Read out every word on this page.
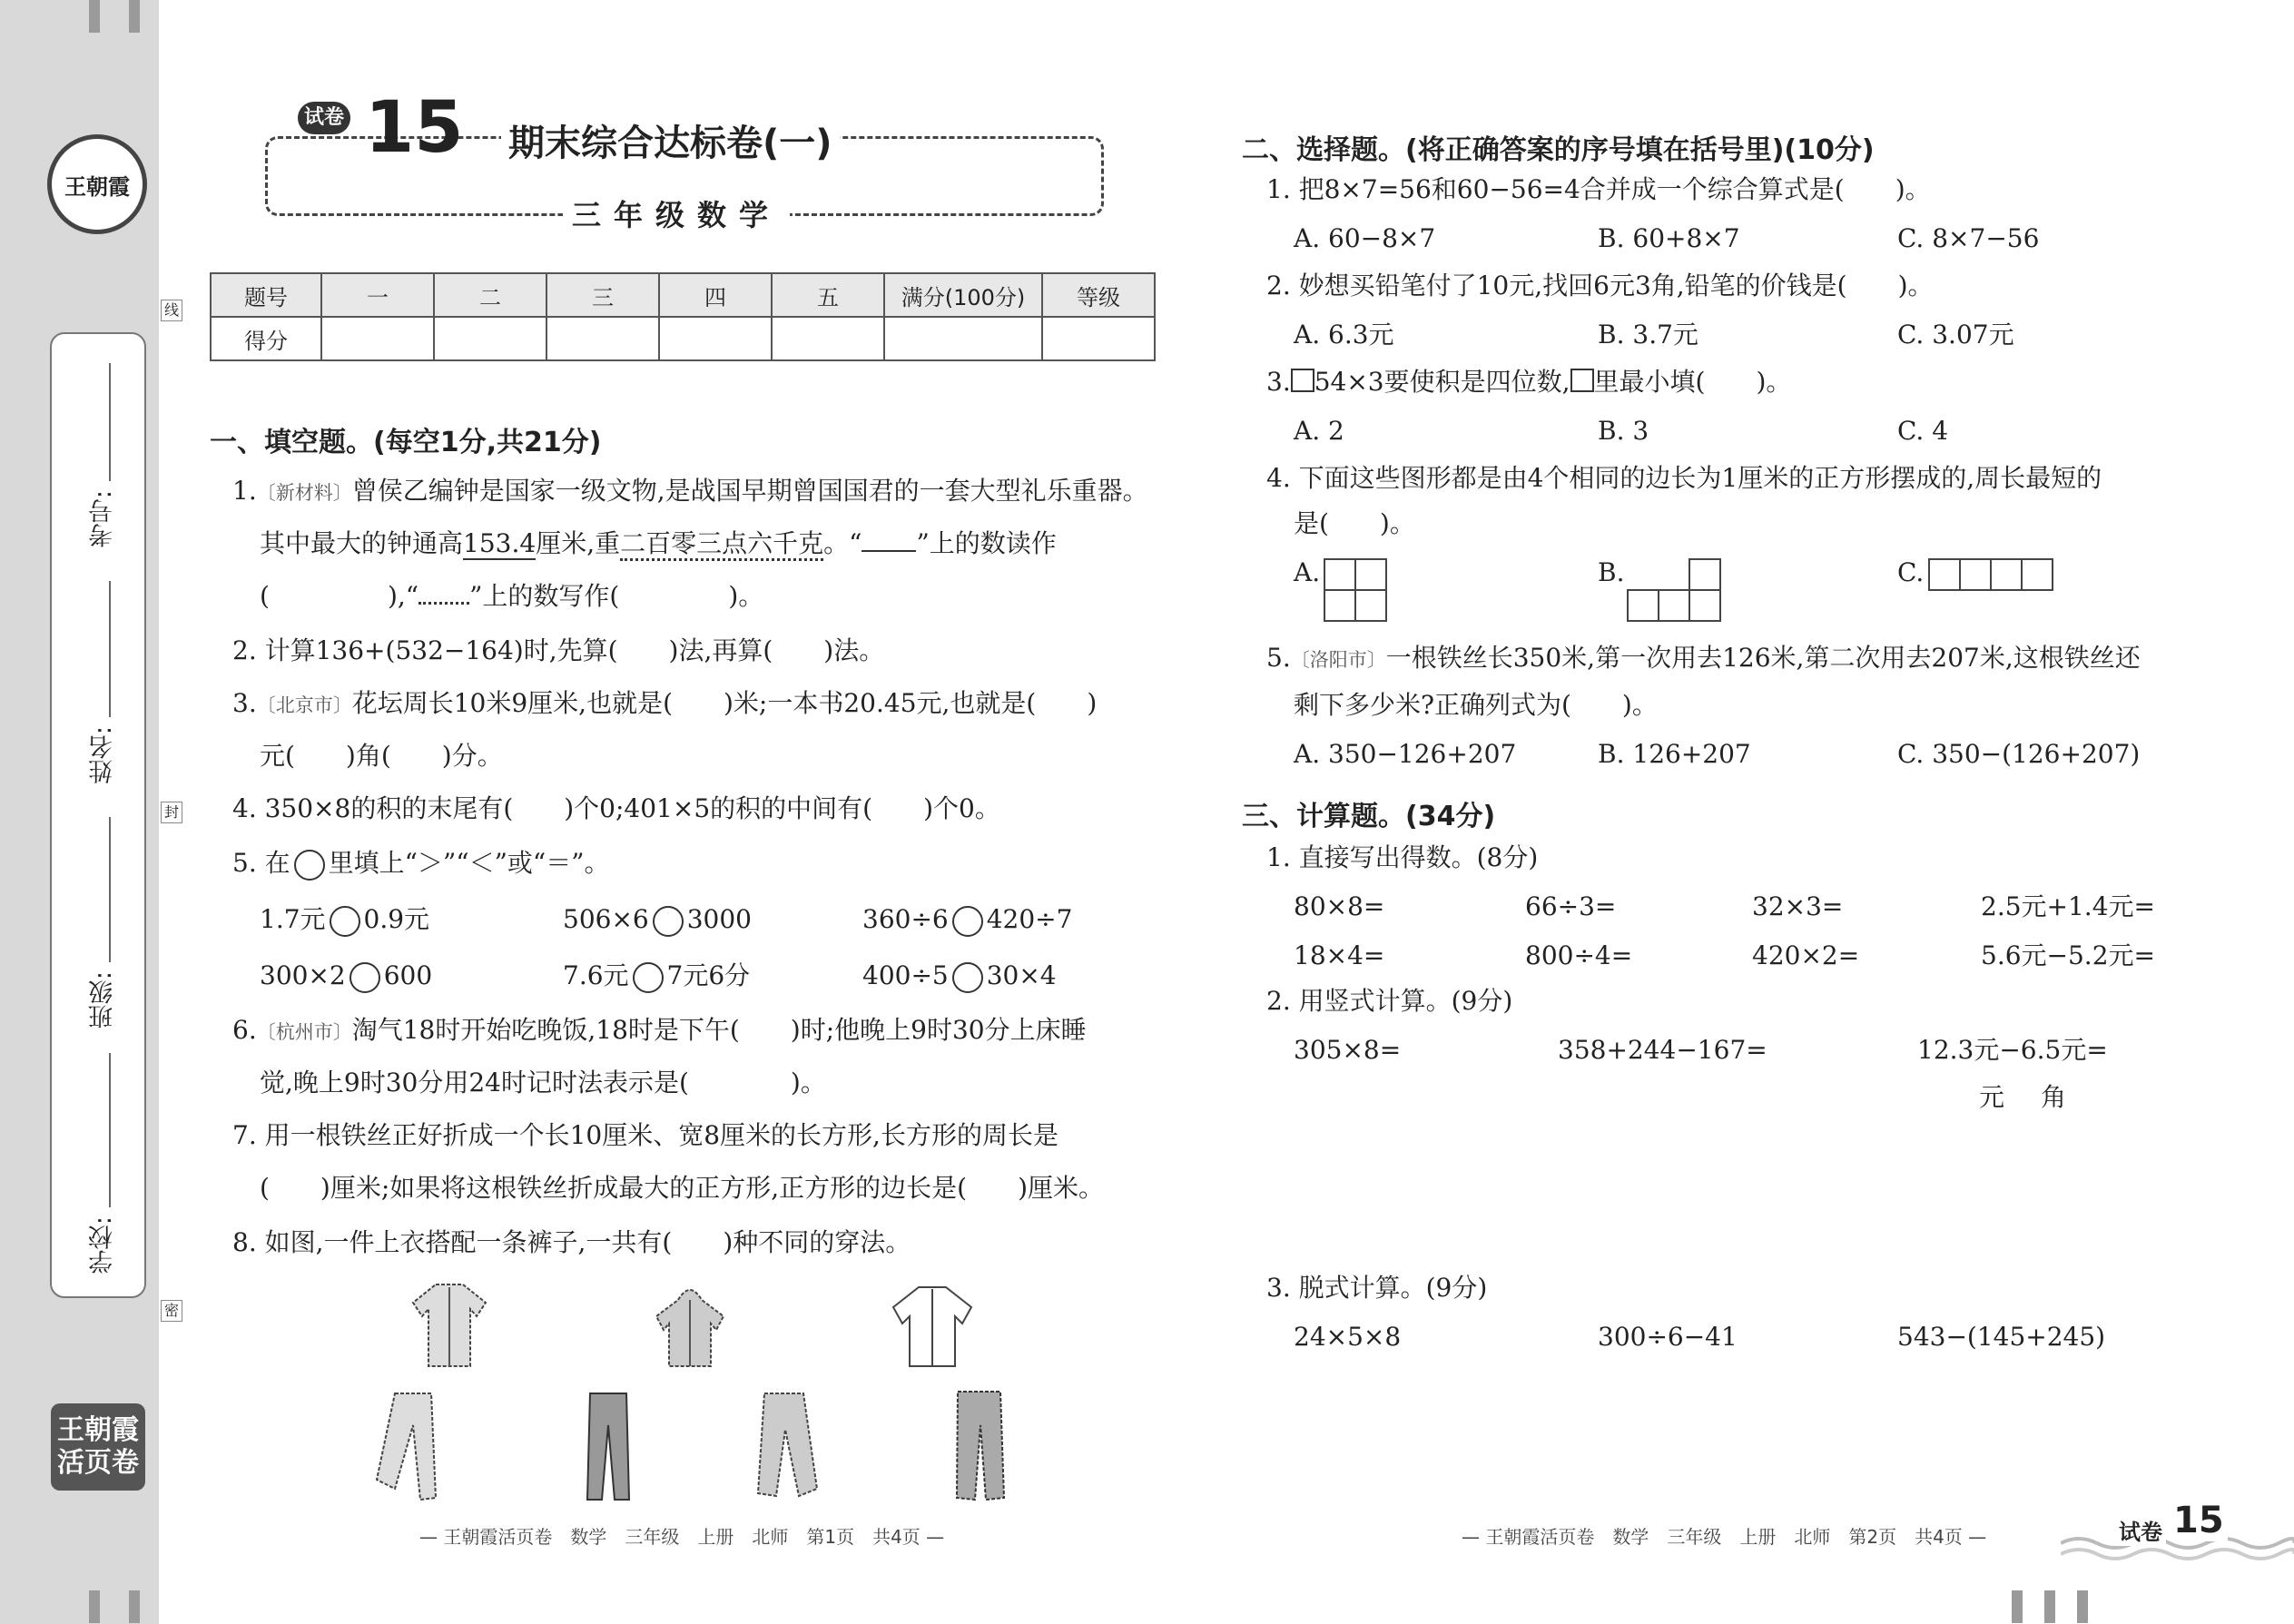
王朝霞
考号:
姓名:
班级:
学校:
线
封
密
王朝霞
活页卷
试卷 15 期末综合达标卷(一)
三年级数学
题号	一	二	三	四	五	满分(100分)	等级
得分							
一、填空题。(每空1分,共21分)
1.〔新材料〕曾侯乙编钟是国家一级文物,是战国早期曾国国君的一套大型礼乐重器。
其中最大的钟通高153.4厘米,重二百零三点六千克。“ ”上的数读作
(	),“ ”上的数写作(	)。
2. 计算136+(532−164)时,先算(　　)法,再算(　　)法。
3.〔北京市〕花坛周长10米9厘米,也就是(　　)米;一本书20.45元,也就是(　　)
元(　　)角(　　)分。
4. 350×8的积的末尾有(　　)个0;401×5的积的中间有(　　)个0。
5. 在 里填上“＞”“＜”或“＝”。
1.7元 0.9元	506×6 3000	360÷6 420÷7
300×2 600	7.6元 7元6分	400÷5 30×4
6.〔杭州市〕淘气18时开始吃晚饭,18时是下午(　　)时;他晚上9时30分上床睡
觉,晚上9时30分用24时记时法表示是(　　　　)。
7. 用一根铁丝正好折成一个长10厘米、宽8厘米的长方形,长方形的周长是
(　　)厘米;如果将这根铁丝折成最大的正方形,正方形的边长是(　　)厘米。
8. 如图,一件上衣搭配一条裤子,一共有(　　)种不同的穿法。
— 王朝霞活页卷　数学　三年级　上册　北师　第1页　共4页 —
二、选择题。(将正确答案的序号填在括号里)(10分)
1. 把8×7=56和60−56=4合并成一个综合算式是(　　)。
A. 60−8×7	B. 60+8×7	C. 8×7−56
2. 妙想买铅笔付了10元,找回6元3角,铅笔的价钱是(　　)。
A. 6.3元	B. 3.7元	C. 3.07元
3. 54×3要使积是四位数, 里最小填(　　)。
A. 2	B. 3	C. 4
4. 下面这些图形都是由4个相同的边长为1厘米的正方形摆成的,周长最短的
是(　　)。
A.

		B.

			C.

5.〔洛阳市〕一根铁丝长350米,第一次用去126米,第二次用去207米,这根铁丝还
剩下多少米?正确列式为(　　)。
A. 350−126+207	B. 126+207	C. 350−(126+207)
三、计算题。(34分)
1. 直接写出得数。(8分)
80×8=	66÷3=	32×3=	2.5元+1.4元=
18×4=	800÷4=	420×2=	5.6元−5.2元=
2. 用竖式计算。(9分)
305×8=	358+244−167=	12.3元−6.5元=
元　角
3. 脱式计算。(9分)
24×5×8	300÷6−41	543−(145+245)
— 王朝霞活页卷　数学　三年级　上册　北师　第2页　共4页 —	试卷 15
